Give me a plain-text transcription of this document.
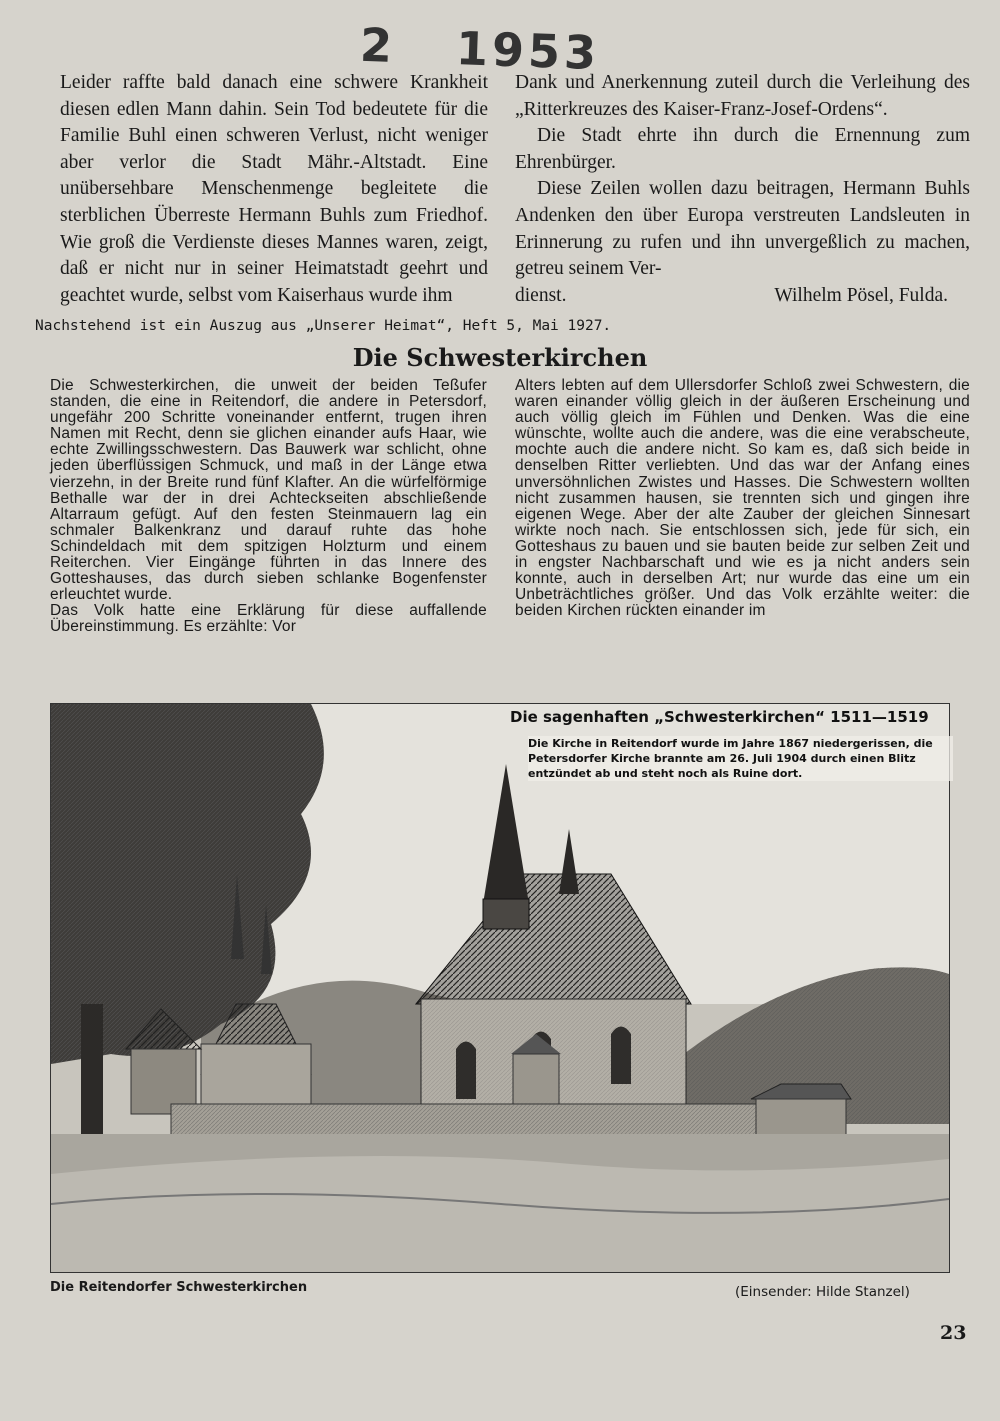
2 1953

Leider raffte bald danach eine schwere Krankheit diesen edlen Mann dahin. Sein Tod bedeutete für die Familie Buhl einen schweren Verlust, nicht weniger aber verlor die Stadt Mähr.-Altstadt. Eine unübersehbare Menschenmenge begleitete die sterblichen Überreste Hermann Buhls zum Friedhof. Wie groß die Verdienste dieses Mannes waren, zeigt, daß er nicht nur in seiner Heimatstadt geehrt und geachtet wurde, selbst vom Kaiserhaus wurde ihm

Dank und Anerkennung zuteil durch die Verleihung des „Ritterkreuzes des Kaiser-Franz-Josef-Ordens“.

Die Stadt ehrte ihn durch die Ernennung zum Ehrenbürger.

Diese Zeilen wollen dazu beitragen, Hermann Buhls Andenken den über Europa verstreuten Landsleuten in Erinnerung zu rufen und ihn unvergeßlich zu machen, getreu seinem Ver-

dienst.	Wilhelm Pösel, Fulda.
Nachstehend ist ein Auszug aus „Unserer Heimat“, Heft 5, Mai 1927.
Die Schwesterkirchen

Die Schwesterkirchen, die unweit der beiden Teßufer standen, die eine in Reitendorf, die andere in Petersdorf, ungefähr 200 Schritte voneinander entfernt, trugen ihren Namen mit Recht, denn sie glichen einander aufs Haar, wie echte Zwillingsschwestern. Das Bauwerk war schlicht, ohne jeden überflüssigen Schmuck, und maß in der Länge etwa vierzehn, in der Breite rund fünf Klafter. An die würfelförmige Bethalle war der in drei Achteckseiten abschließende Altarraum gefügt. Auf den festen Steinmauern lag ein schmaler Balkenkranz und darauf ruhte das hohe Schindeldach mit dem spitzigen Holzturm und einem Reiterchen. Vier Eingänge führten in das Innere des Gotteshauses, das durch sieben schlanke Bogenfenster erleuchtet wurde.

Das Volk hatte eine Erklärung für diese auffallende Übereinstimmung. Es erzählte: Vor

Alters lebten auf dem Ullersdorfer Schloß zwei Schwestern, die waren einander völlig gleich in der äußeren Erscheinung und auch völlig gleich im Fühlen und Denken. Was die eine wünschte, wollte auch die andere, was die eine verabscheute, mochte auch die andere nicht. So kam es, daß sich beide in denselben Ritter verliebten. Und das war der Anfang eines unversöhnlichen Zwistes und Hasses. Die Schwestern wollten nicht zusammen hausen, sie trennten sich und gingen ihre eigenen Wege. Aber der alte Zauber der gleichen Sinnesart wirkte noch nach. Sie entschlossen sich, jede für sich, ein Gotteshaus zu bauen und sie bauten beide zur selben Zeit und in engster Nachbarschaft und wie es ja nicht anders sein konnte, auch in derselben Art; nur wurde das eine um ein Unbeträchtliches größer. Und das Volk erzählte weiter: die beiden Kirchen rückten einander im

Die sagenhaften „Schwesterkirchen“ 1511—1519
Die Kirche in Reitendorf wurde im Jahre 1867 niedergerissen, die Petersdorfer Kirche brannte am 26. Juli 1904 durch einen Blitz entzündet ab und steht noch als Ruine dort.
Die Reitendorfer Schwesterkirchen	(Einsender: Hilde Stanzel)
23
